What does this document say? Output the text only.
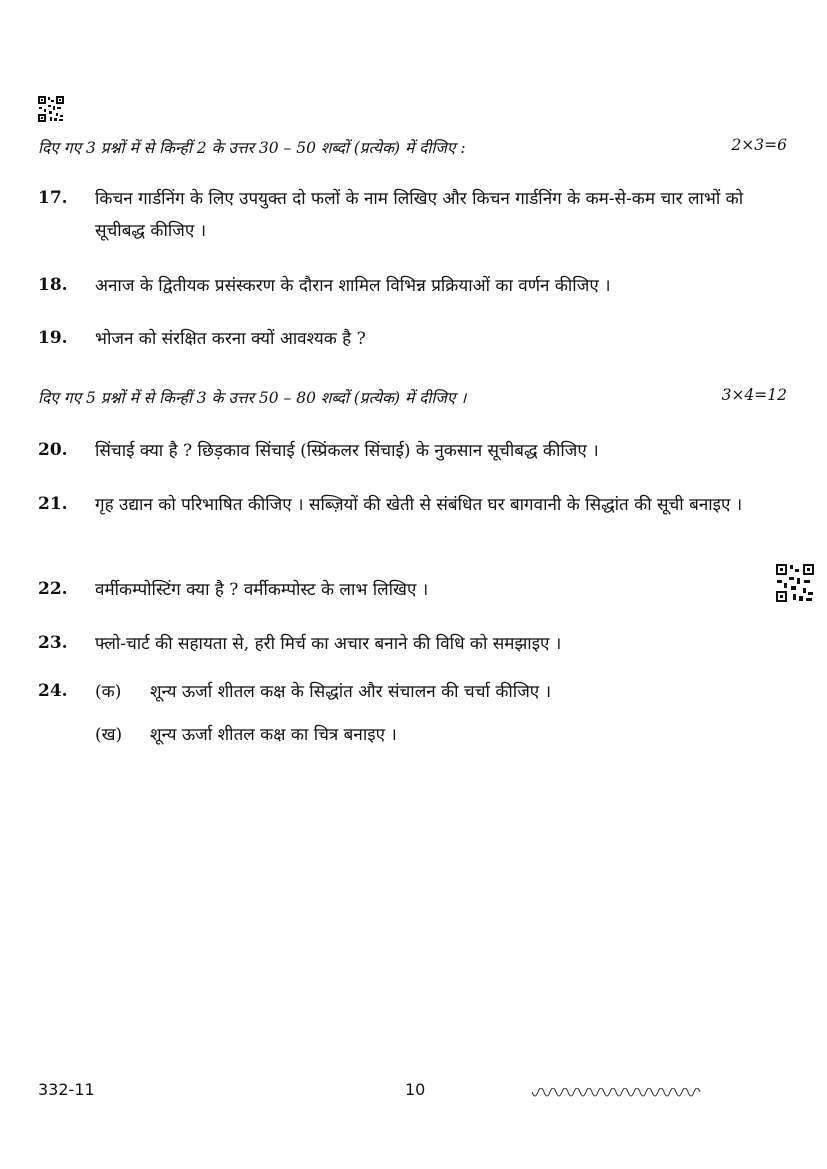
दिए गए 3 प्रश्नों में से किन्हीं 2 के उत्तर 30 – 50 शब्दों (प्रत्येक) में दीजिए :	2×3=6
17. किचन गार्डनिंग के लिए उपयुक्त दो फलों के नाम लिखिए और किचन गार्डनिंग के कम-से-कम चार लाभों को सूचीबद्ध कीजिए ।
18. अनाज के द्वितीयक प्रसंस्करण के दौरान शामिल विभिन्न प्रक्रियाओं का वर्णन कीजिए ।
19. भोजन को संरक्षित करना क्यों आवश्यक है ?
दिए गए 5 प्रश्नों में से किन्हीं 3 के उत्तर 50 – 80 शब्दों (प्रत्येक) में दीजिए ।	3×4=12
20. सिंचाई क्या है ? छिड़काव सिंचाई (स्प्रिंकलर सिंचाई) के नुकसान सूचीबद्ध कीजिए ।
21. गृह उद्यान को परिभाषित कीजिए । सब्ज़ियों की खेती से संबंधित घर बागवानी के सिद्धांत की सूची बनाइए ।
22. वर्मीकम्पोस्टिंग क्या है ? वर्मीकम्पोस्ट के लाभ लिखिए ।
23. फ्लो-चार्ट की सहायता से, हरी मिर्च का अचार बनाने की विधि को समझाइए ।
24. (क) शून्य ऊर्जा शीतल कक्ष के सिद्धांत और संचालन की चर्चा कीजिए ।
(ख) शून्य ऊर्जा शीतल कक्ष का चित्र बनाइए ।
332-11	10
